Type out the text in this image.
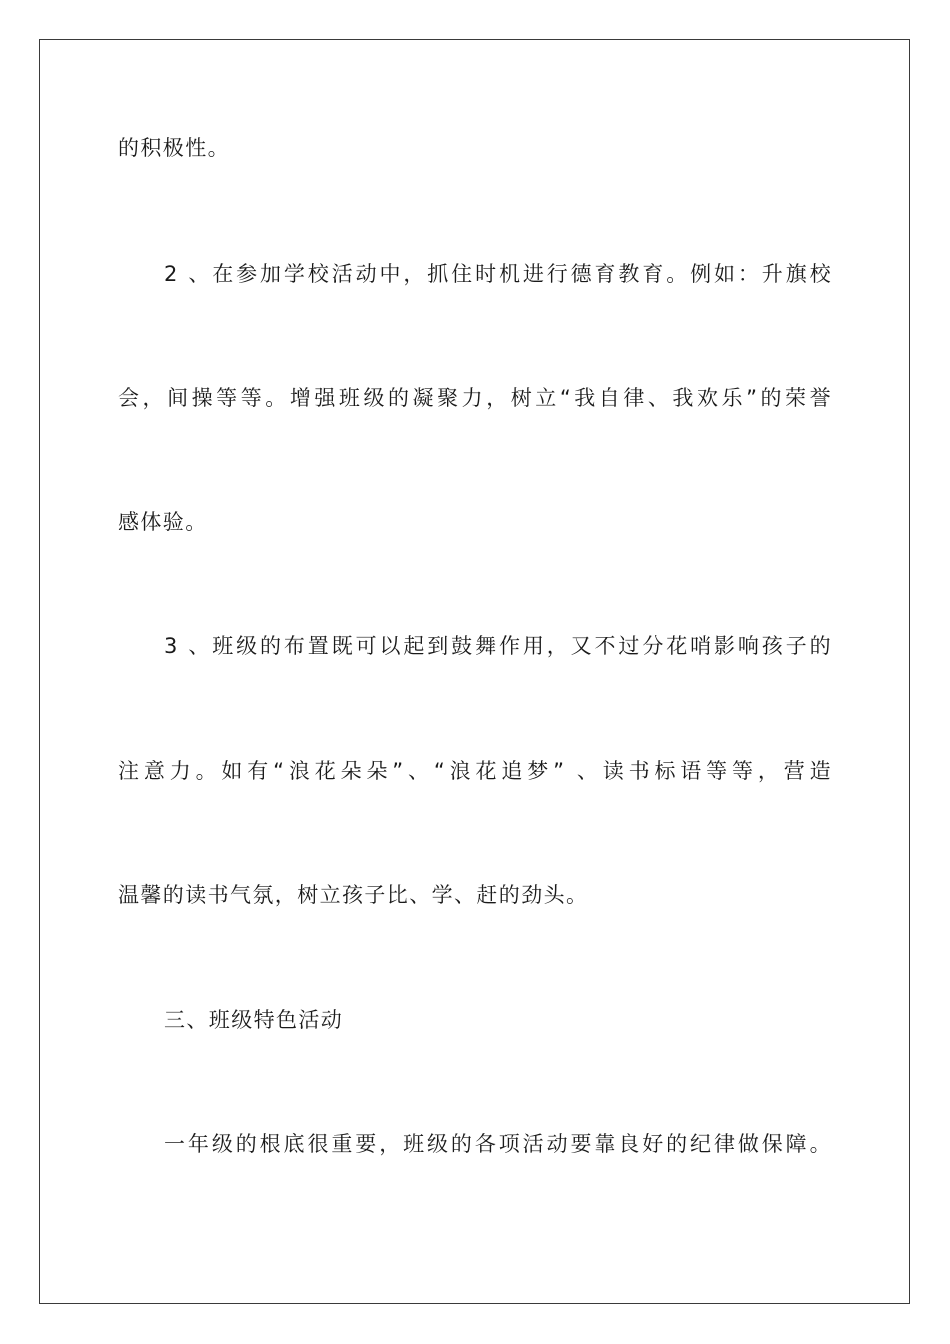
的积极性。
2 、在参加学校活动中，抓住时机进行德育教育。例如：升旗校
会，间操等等。增强班级的凝聚力，树立“我自律、我欢乐”的荣誉
感体验。
3 、班级的布置既可以起到鼓舞作用，又不过分花哨影响孩子的
注意力。如有“浪花朵朵”、“浪花追梦” 、读书标语等等，营造
温馨的读书气氛，树立孩子比、学、赶的劲头。
三、班级特色活动
一年级的根底很重要，班级的各项活动要靠良好的纪律做保障。
